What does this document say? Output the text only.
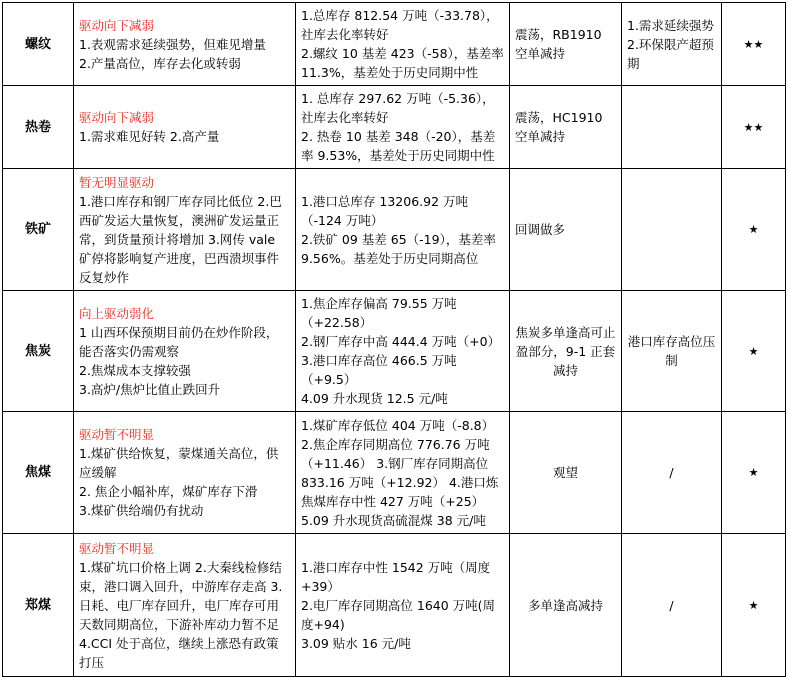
螺纹	驱动向下减弱
1.表观需求延续强势，但难见增量
2.产量高位，库存去化或转弱	1.总库存 812.54 万吨（-33.78），社库去化率转好
2.螺纹 10 基差 423（-58），基差率 11.3%，基差处于历史同期中性	震荡，RB1910 空单减持	1.需求延续强势
2.环保限产超预期	★★
热卷	驱动向下减弱
1.需求难见好转 2.高产量	1. 总库存 297.62 万吨（-5.36），社库去化率转好
2. 热卷 10 基差 348（-20），基差率 9.53%，基差处于历史同期中性	震荡，HC1910 空单减持		★★
铁矿	暂无明显驱动
1.港口库存和钢厂库存同比低位 2.巴西矿发运大量恢复，澳洲矿发运量正常，到货量预计将增加 3.网传 vale 矿停将影响复产进度，巴西溃坝事件反复炒作	1.港口总库存 13206.92 万吨（-124 万吨）
2.铁矿 09 基差 65（-19），基差率 9.56%。基差处于历史同期高位	回调做多		★
焦炭	向上驱动弱化
1 山西环保预期目前仍在炒作阶段，能否落实仍需观察
2.焦煤成本支撑较强
3.高炉/焦炉比值止跌回升	1.焦企库存偏高 79.55 万吨（+22.58）
2.钢厂库存中高 444.4 万吨（+0）
3.港口库存高位 466.5 万吨（+9.5）
4.09 升水现货 12.5 元/吨	焦炭多单逢高可止盈部分，9-1 正套减持	港口库存高位压制	★
焦煤	驱动暂不明显
1.煤矿供给恢复，蒙煤通关高位，供应缓解
2. 焦企小幅补库，煤矿库存下滑
3.煤矿供给端仍有扰动	1.煤矿库存低位 404 万吨（-8.8）
2.焦企库存同期高位 776.76 万吨（+11.46） 3.钢厂库存同期高位 833.16 万吨（+12.92） 4.港口炼焦煤库存中性 427 万吨（+25）
5.09 升水现货高硫混煤 38 元/吨	观望	/	★
郑煤	驱动暂不明显
1.煤矿坑口价格上调 2.大秦线检修结束，港口调入回升，中游库存走高 3.日耗、电厂库存回升，电厂库存可用天数同期高位，下游补库动力暂不足 4.CCI 处于高位，继续上涨恐有政策打压	1.港口库存中性 1542 万吨（周度+39）
2.电厂库存同期高位 1640 万吨(周度+94)
3.09 贴水 16 元/吨	多单逢高减持	/	★
